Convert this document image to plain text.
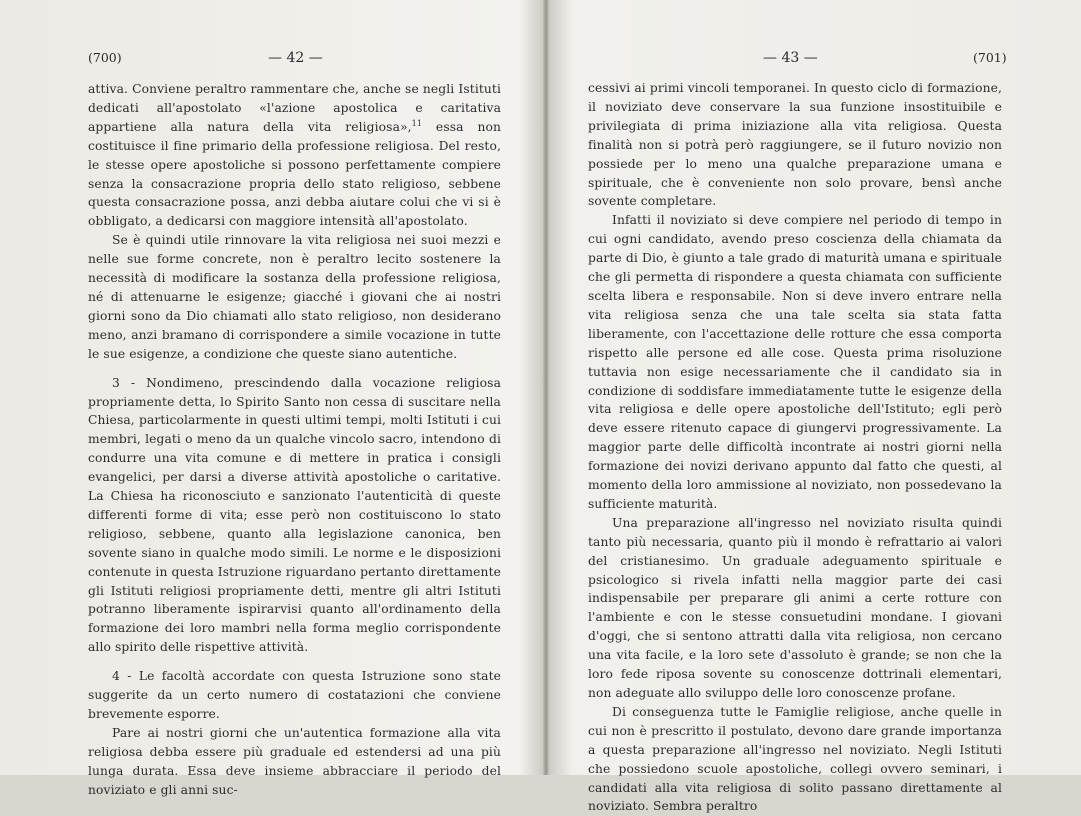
(700)	— 42 —

attiva. Conviene peraltro rammentare che, anche se negli Istituti dedicati all'apostolato «l'azione apostolica e caritativa appartiene alla natura della vita religiosa»,$^{11}$ essa non costituisce il fine primario della professione religiosa. Del resto, le stesse opere apostoliche si possono perfettamente compiere senza la consacrazione propria dello stato religioso, sebbene questa consacrazione possa, anzi debba aiutare colui che vi si è obbligato, a dedicarsi con maggiore intensità all'apostolato.

Se è quindi utile rinnovare la vita religiosa nei suoi mezzi e nelle sue forme concrete, non è peraltro lecito sostenere la necessità di modificare la sostanza della professione religiosa, né di attenuarne le esigenze; giacché i giovani che ai nostri giorni sono da Dio chiamati allo stato religioso, non desiderano meno, anzi bramano di corrispondere a simile vocazione in tutte le sue esigenze, a condizione che queste siano autentiche.

3 - Nondimeno, prescindendo dalla vocazione religiosa propriamente detta, lo Spirito Santo non cessa di suscitare nella Chiesa, particolarmente in questi ultimi tempi, molti Istituti i cui membri, legati o meno da un qualche vincolo sacro, intendono di condurre una vita comune e di mettere in pratica i consigli evangelici, per darsi a diverse attività apostoliche o caritative. La Chiesa ha riconosciuto e sanzionato l'autenticità di queste differenti forme di vita; esse però non costituiscono lo stato religioso, sebbene, quanto alla legislazione canonica, ben sovente siano in qualche modo simili. Le norme e le disposizioni contenute in questa Istruzione riguardano pertanto direttamente gli Istituti religiosi propriamente detti, mentre gli altri Istituti potranno liberamente ispirarvisi quanto all'ordinamento della formazione dei loro mambri nella forma meglio corrispondente allo spirito delle rispettive attività.

4 - Le facoltà accordate con questa Istruzione sono state suggerite da un certo numero di costatazioni che conviene brevemente esporre.

Pare ai nostri giorni che un'autentica formazione alla vita religiosa debba essere più graduale ed estendersi ad una più lunga durata. Essa deve insieme abbracciare il periodo del noviziato e gli anni suc-

— 43 —	(701)

cessivi ai primi vincoli temporanei. In questo ciclo di formazione, il noviziato deve conservare la sua funzione insostituibile e privilegiata di prima iniziazione alla vita religiosa. Questa finalità non si potrà però raggiungere, se il futuro novizio non possiede per lo meno una qualche preparazione umana e spirituale, che è conveniente non solo provare, bensì anche sovente completare.

Infatti il noviziato si deve compiere nel periodo di tempo in cui ogni candidato, avendo preso coscienza della chiamata da parte di Dio, è giunto a tale grado di maturità umana e spirituale che gli permetta di rispondere a questa chiamata con sufficiente scelta libera e responsabile. Non si deve invero entrare nella vita religiosa senza che una tale scelta sia stata fatta liberamente, con l'accettazione delle rotture che essa comporta rispetto alle persone ed alle cose. Questa prima risoluzione tuttavia non esige necessariamente che il candidato sia in condizione di soddisfare immediatamente tutte le esigenze della vita religiosa e delle opere apostoliche dell'Istituto; egli però deve essere ritenuto capace di giungervi progressivamente. La maggior parte delle difficoltà incontrate ai nostri giorni nella formazione dei novizi derivano appunto dal fatto che questi, al momento della loro ammissione al noviziato, non possedevano la sufficiente maturità.

Una preparazione all'ingresso nel noviziato risulta quindi tanto più necessaria, quanto più il mondo è refrattario ai valori del cristianesimo. Un graduale adeguamento spirituale e psicologico si rivela infatti nella maggior parte dei casi indispensabile per preparare gli animi a certe rotture con l'ambiente e con le stesse consuetudini mondane. I giovani d'oggi, che si sentono attratti dalla vita religiosa, non cercano una vita facile, e la loro sete d'assoluto è grande; se non che la loro fede riposa sovente su conoscenze dottrinali elementari, non adeguate allo sviluppo delle loro conoscenze profane.

Di conseguenza tutte le Famiglie religiose, anche quelle in cui non è prescritto il postulato, devono dare grande importanza a questa preparazione all'ingresso nel noviziato. Negli Istituti che possiedono scuole apostoliche, collegi ovvero seminari, i candidati alla vita religiosa di solito passano direttamente al noviziato. Sembra peraltro
